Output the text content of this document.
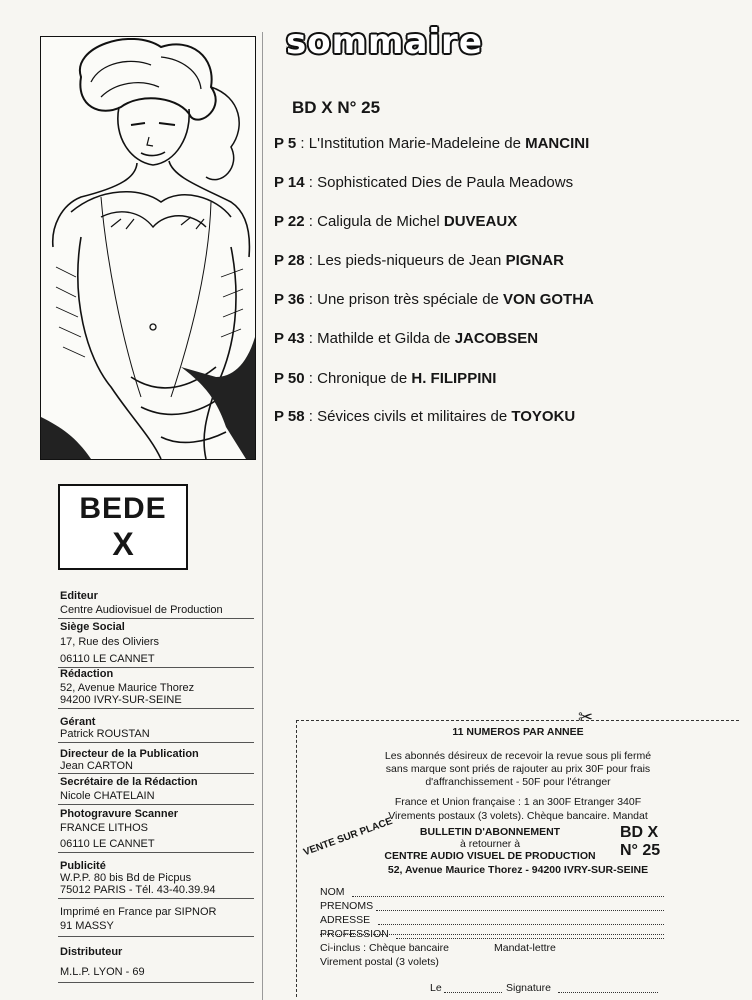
BEDE
X
Editeur
Centre Audiovisuel de Production
Siège Social
17, Rue des Oliviers
06110 LE CANNET
Rédaction
52, Avenue Maurice Thorez
94200 IVRY-SUR-SEINE
Gérant
Patrick ROUSTAN
Directeur de la Publication
Jean CARTON
Secrétaire de la Rédaction
Nicole CHATELAIN
Photogravure Scanner
FRANCE LITHOS
06110 LE CANNET
Publicité
W.P.P. 80 bis Bd de Picpus
75012 PARIS - Tél. 43-40.39.94
Imprimé en France par SIPNOR
91 MASSY
Distributeur
M.L.P. LYON - 69
sommaire
BD X N° 25
P 5 : L'Institution Marie-Madeleine de MANCINI
P 14 : Sophisticated Dies de Paula Meadows
P 22 : Caligula de Michel DUVEAUX
P 28 : Les pieds-niqueurs de Jean PIGNAR
P 36 : Une prison très spéciale de VON GOTHA
P 43 : Mathilde et Gilda de JACOBSEN
P 50 : Chronique de H. FILIPPINI
P 58 : Sévices civils et militaires de TOYOKU
✂
11 NUMEROS PAR ANNEE
Les abonnés désireux de recevoir la revue sous pli fermé
sans marque sont priés de rajouter au prix 30F pour frais
d'affranchissement - 50F pour l'étranger
France et Union française : 1 an 300F Etranger 340F
Virements postaux (3 volets). Chèque bancaire. Mandat
VENTE SUR PLACE	BULLETIN D'ABONNEMENT
à retourner à
CENTRE AUDIO VISUEL DE PRODUCTION
52, Avenue Maurice Thorez - 94200 IVRY-SUR-SEINE
BD X
N° 25
NOM
PRENOMS
ADRESSE
PROFESSION
Ci-inclus : Chèque bancaire	Mandat-lettre
Virement postal (3 volets)
Le	Signature
